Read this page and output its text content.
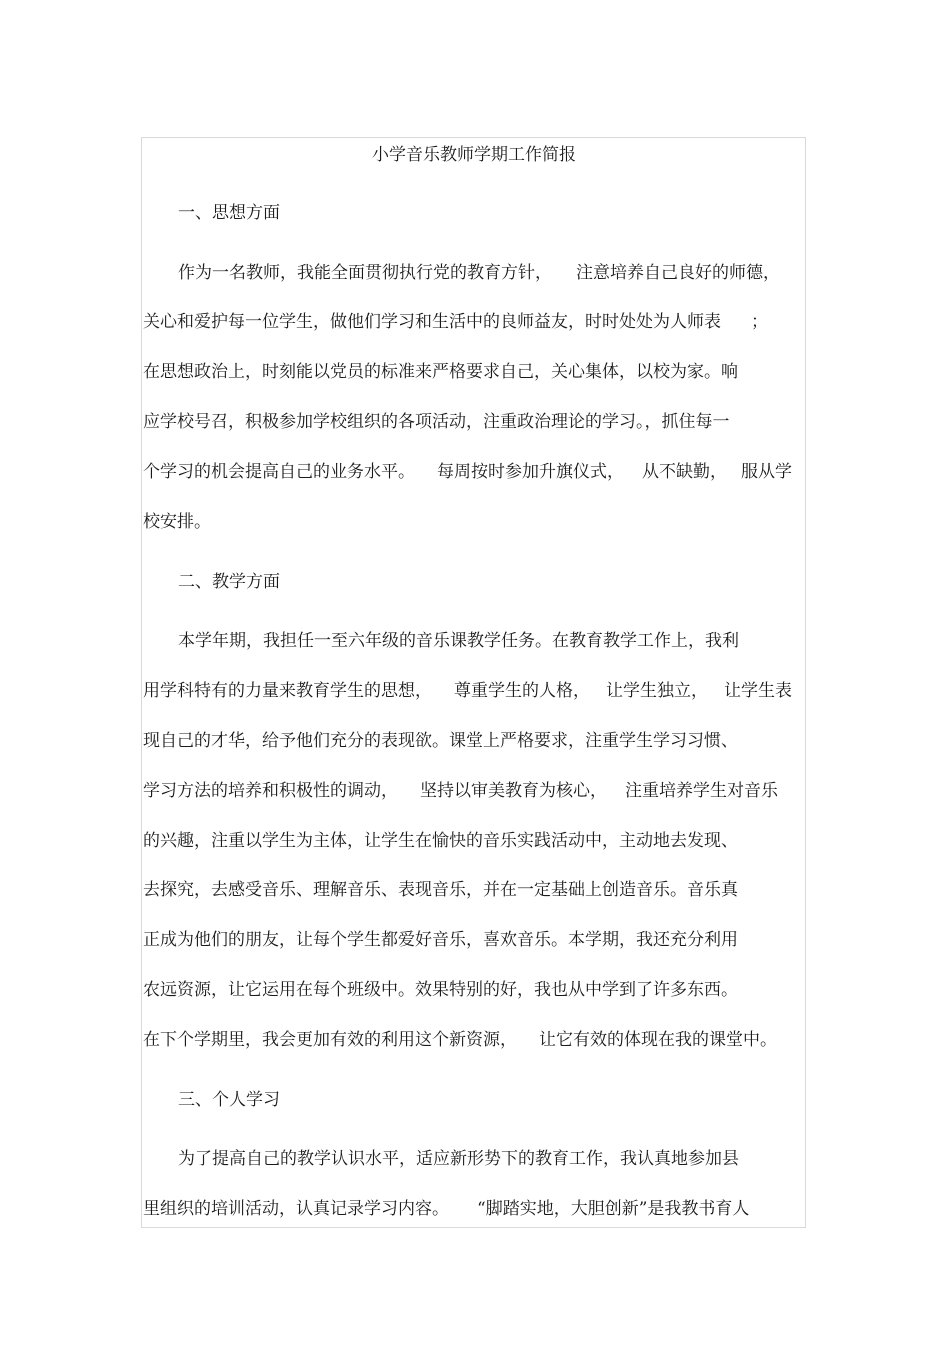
小学音乐教师学期工作简报
一、思想方面
作为一名教师，我能全面贯彻执行党的教育方针， 注意培养自己良好的师德，
关心和爱护每一位学生，做他们学习和生活中的良师益友，时时处处为人师表 ；
在思想政治上，时刻能以党员的标准来严格要求自己，关心集体，以校为家。响
应学校号召，积极参加学校组织的各项活动，注重政治理论的学习。，抓住每一
个学习的机会提高自己的业务水平。 每周按时参加升旗仪式， 从不缺勤， 服从学
校安排。
二、教学方面
本学年期，我担任一至六年级的音乐课教学任务。在教育教学工作上，我利
用学科特有的力量来教育学生的思想， 尊重学生的人格， 让学生独立， 让学生表
现自己的才华，给予他们充分的表现欲。课堂上严格要求，注重学生学习习惯、
学习方法的培养和积极性的调动， 坚持以审美教育为核心， 注重培养学生对音乐
的兴趣，注重以学生为主体，让学生在愉快的音乐实践活动中，主动地去发现、
去探究，去感受音乐、理解音乐、表现音乐，并在一定基础上创造音乐。音乐真
正成为他们的朋友，让每个学生都爱好音乐，喜欢音乐。本学期，我还充分利用
农远资源，让它运用在每个班级中。效果特别的好，我也从中学到了许多东西。
在下个学期里，我会更加有效的利用这个新资源， 让它有效的体现在我的课堂中。
三、个人学习
为了提高自己的教学认识水平，适应新形势下的教育工作，我认真地参加县
里组织的培训活动，认真记录学习内容。 “脚踏实地，大胆创新”是我教书育人
